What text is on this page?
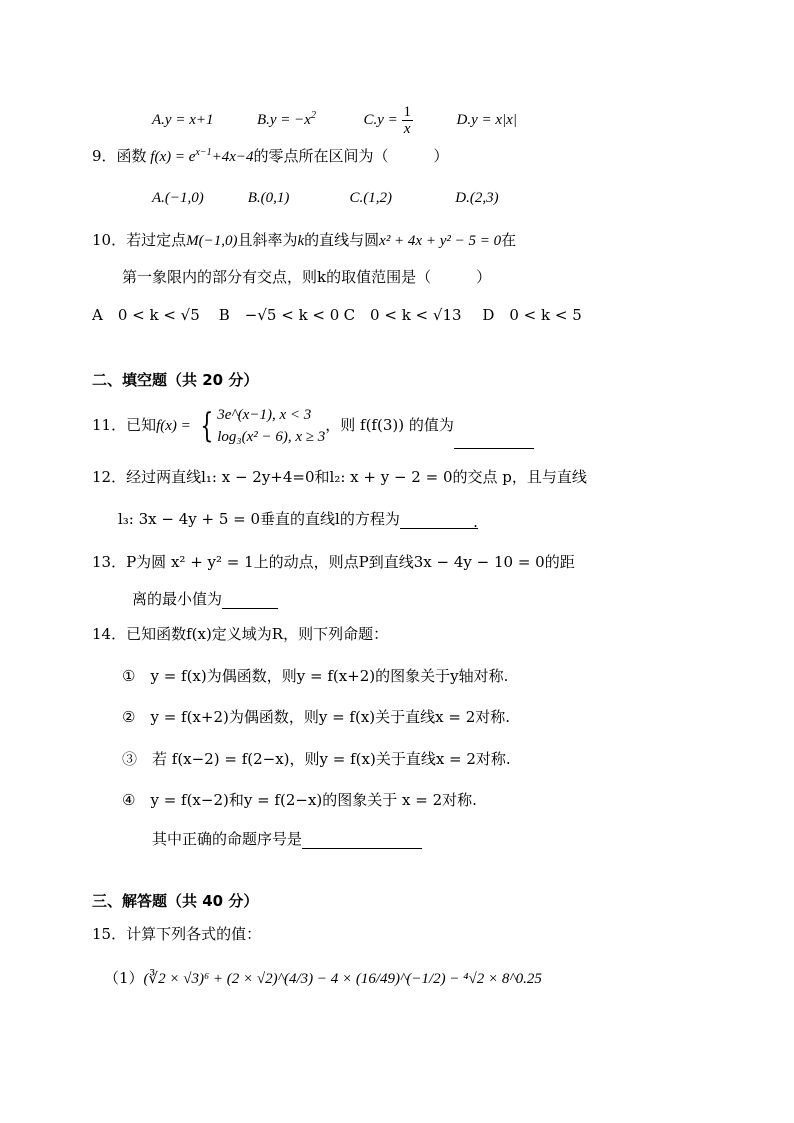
A.y = x+1	$B.y = -x^2$	$C.y = \frac{1}{x}$	D.y = x|x|
9．函数 $f(x) = e^{x-1}+4x-4$的零点所在区间为（　　　）
A.(−1,0)	B.(0,1)	C.(1,2)	D.(2,3)
10．若过定点M(−1,0)且斜率为k的直线与圆x² + 4x + y² − 5 = 0在
第一象限内的部分有交点，则k的取值范围是（　　　）
A　0 < k < √5 B　−√5 < k < 0 C　0 < k < √13 D　0 < k < 5
二、填空题（共 20 分）
11．已知f(x) = { 3e^(x−1), x < 3
log₃(x² − 6), x ≥ 3
，则 f(f(3)) 的值为
12．经过两直线l₁: x − 2y+4=0和l₂: x + y − 2 = 0的交点 p，且与直线
l₃: 3x − 4y + 5 = 0垂直的直线l的方程为	.
13．P为圆 x² + y² = 1上的动点，则点P到直线3x − 4y − 10 = 0的距
离的最小值为
14．已知函数f(x)定义域为R，则下列命题：
①　y = f(x)为偶函数，则y = f(x+2)的图象关于y轴对称.
②　y = f(x+2)为偶函数，则y = f(x)关于直线x = 2对称.
③　若 f(x−2) = f(2−x)，则y = f(x)关于直线x = 2对称.
④　y = f(x−2)和y = f(2−x)的图象关于 x = 2对称.
其中正确的命题序号是
三、解答题（共 40 分）
15．计算下列各式的值：
（1）(∛2 × √3)⁶ + (2 × √2)^(4/3) − 4 × (16/49)^(−1/2) − ⁴√2 × 8^0.25
